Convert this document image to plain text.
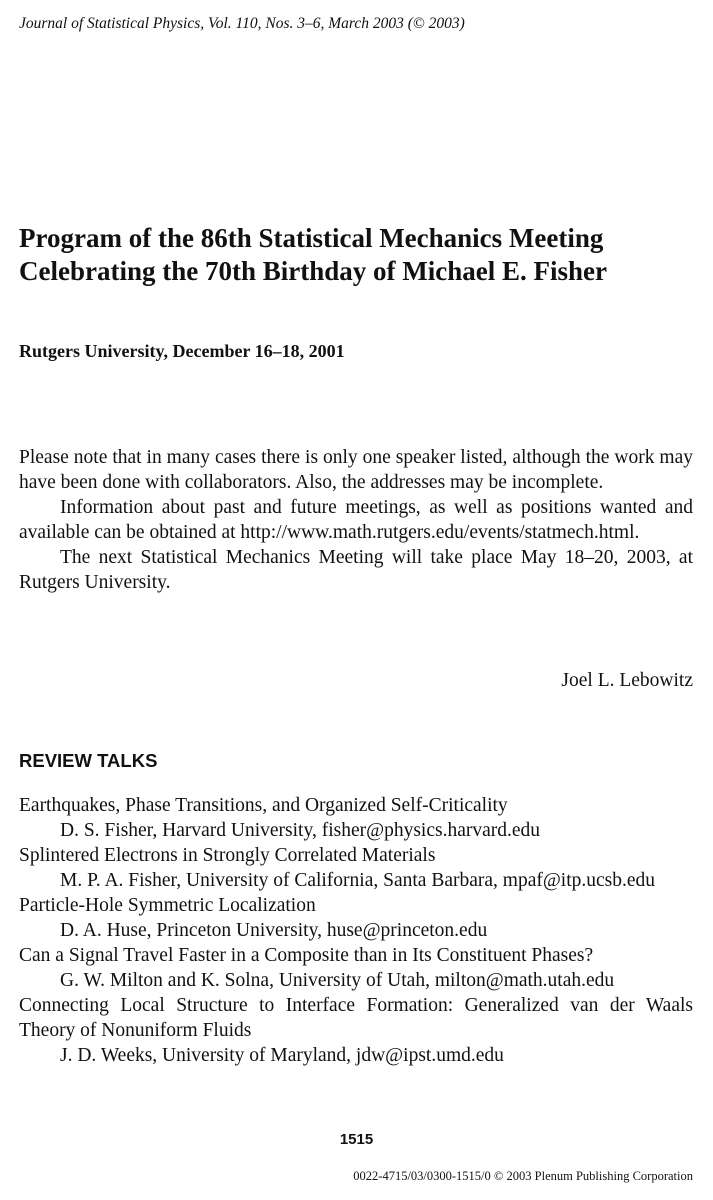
Journal of Statistical Physics, Vol. 110, Nos. 3–6, March 2003 (© 2003)
Program of the 86th Statistical Mechanics Meeting
Celebrating the 70th Birthday of Michael E. Fisher
Rutgers University, December 16–18, 2001

Please note that in many cases there is only one speaker listed, although the work may have been done with collaborators. Also, the addresses may be incomplete.

Information about past and future meetings, as well as positions wanted and available can be obtained at http://www.math.rutgers.edu/events/statmech.html.

The next Statistical Mechanics Meeting will take place May 18–20, 2003, at Rutgers University.

Joel L. Lebowitz
REVIEW TALKS
Earthquakes, Phase Transitions, and Organized Self-Criticality
D. S. Fisher, Harvard University, fisher@physics.harvard.edu
Splintered Electrons in Strongly Correlated Materials
M. P. A. Fisher, University of California, Santa Barbara, mpaf@itp.ucsb.edu
Particle-Hole Symmetric Localization
D. A. Huse, Princeton University, huse@princeton.edu
Can a Signal Travel Faster in a Composite than in Its Constituent Phases?
G. W. Milton and K. Solna, University of Utah, milton@math.utah.edu
Connecting Local Structure to Interface Formation: Generalized van der Waals Theory of Nonuniform Fluids
J. D. Weeks, University of Maryland, jdw@ipst.umd.edu
1515
0022-4715/03/0300-1515/0 © 2003 Plenum Publishing Corporation
